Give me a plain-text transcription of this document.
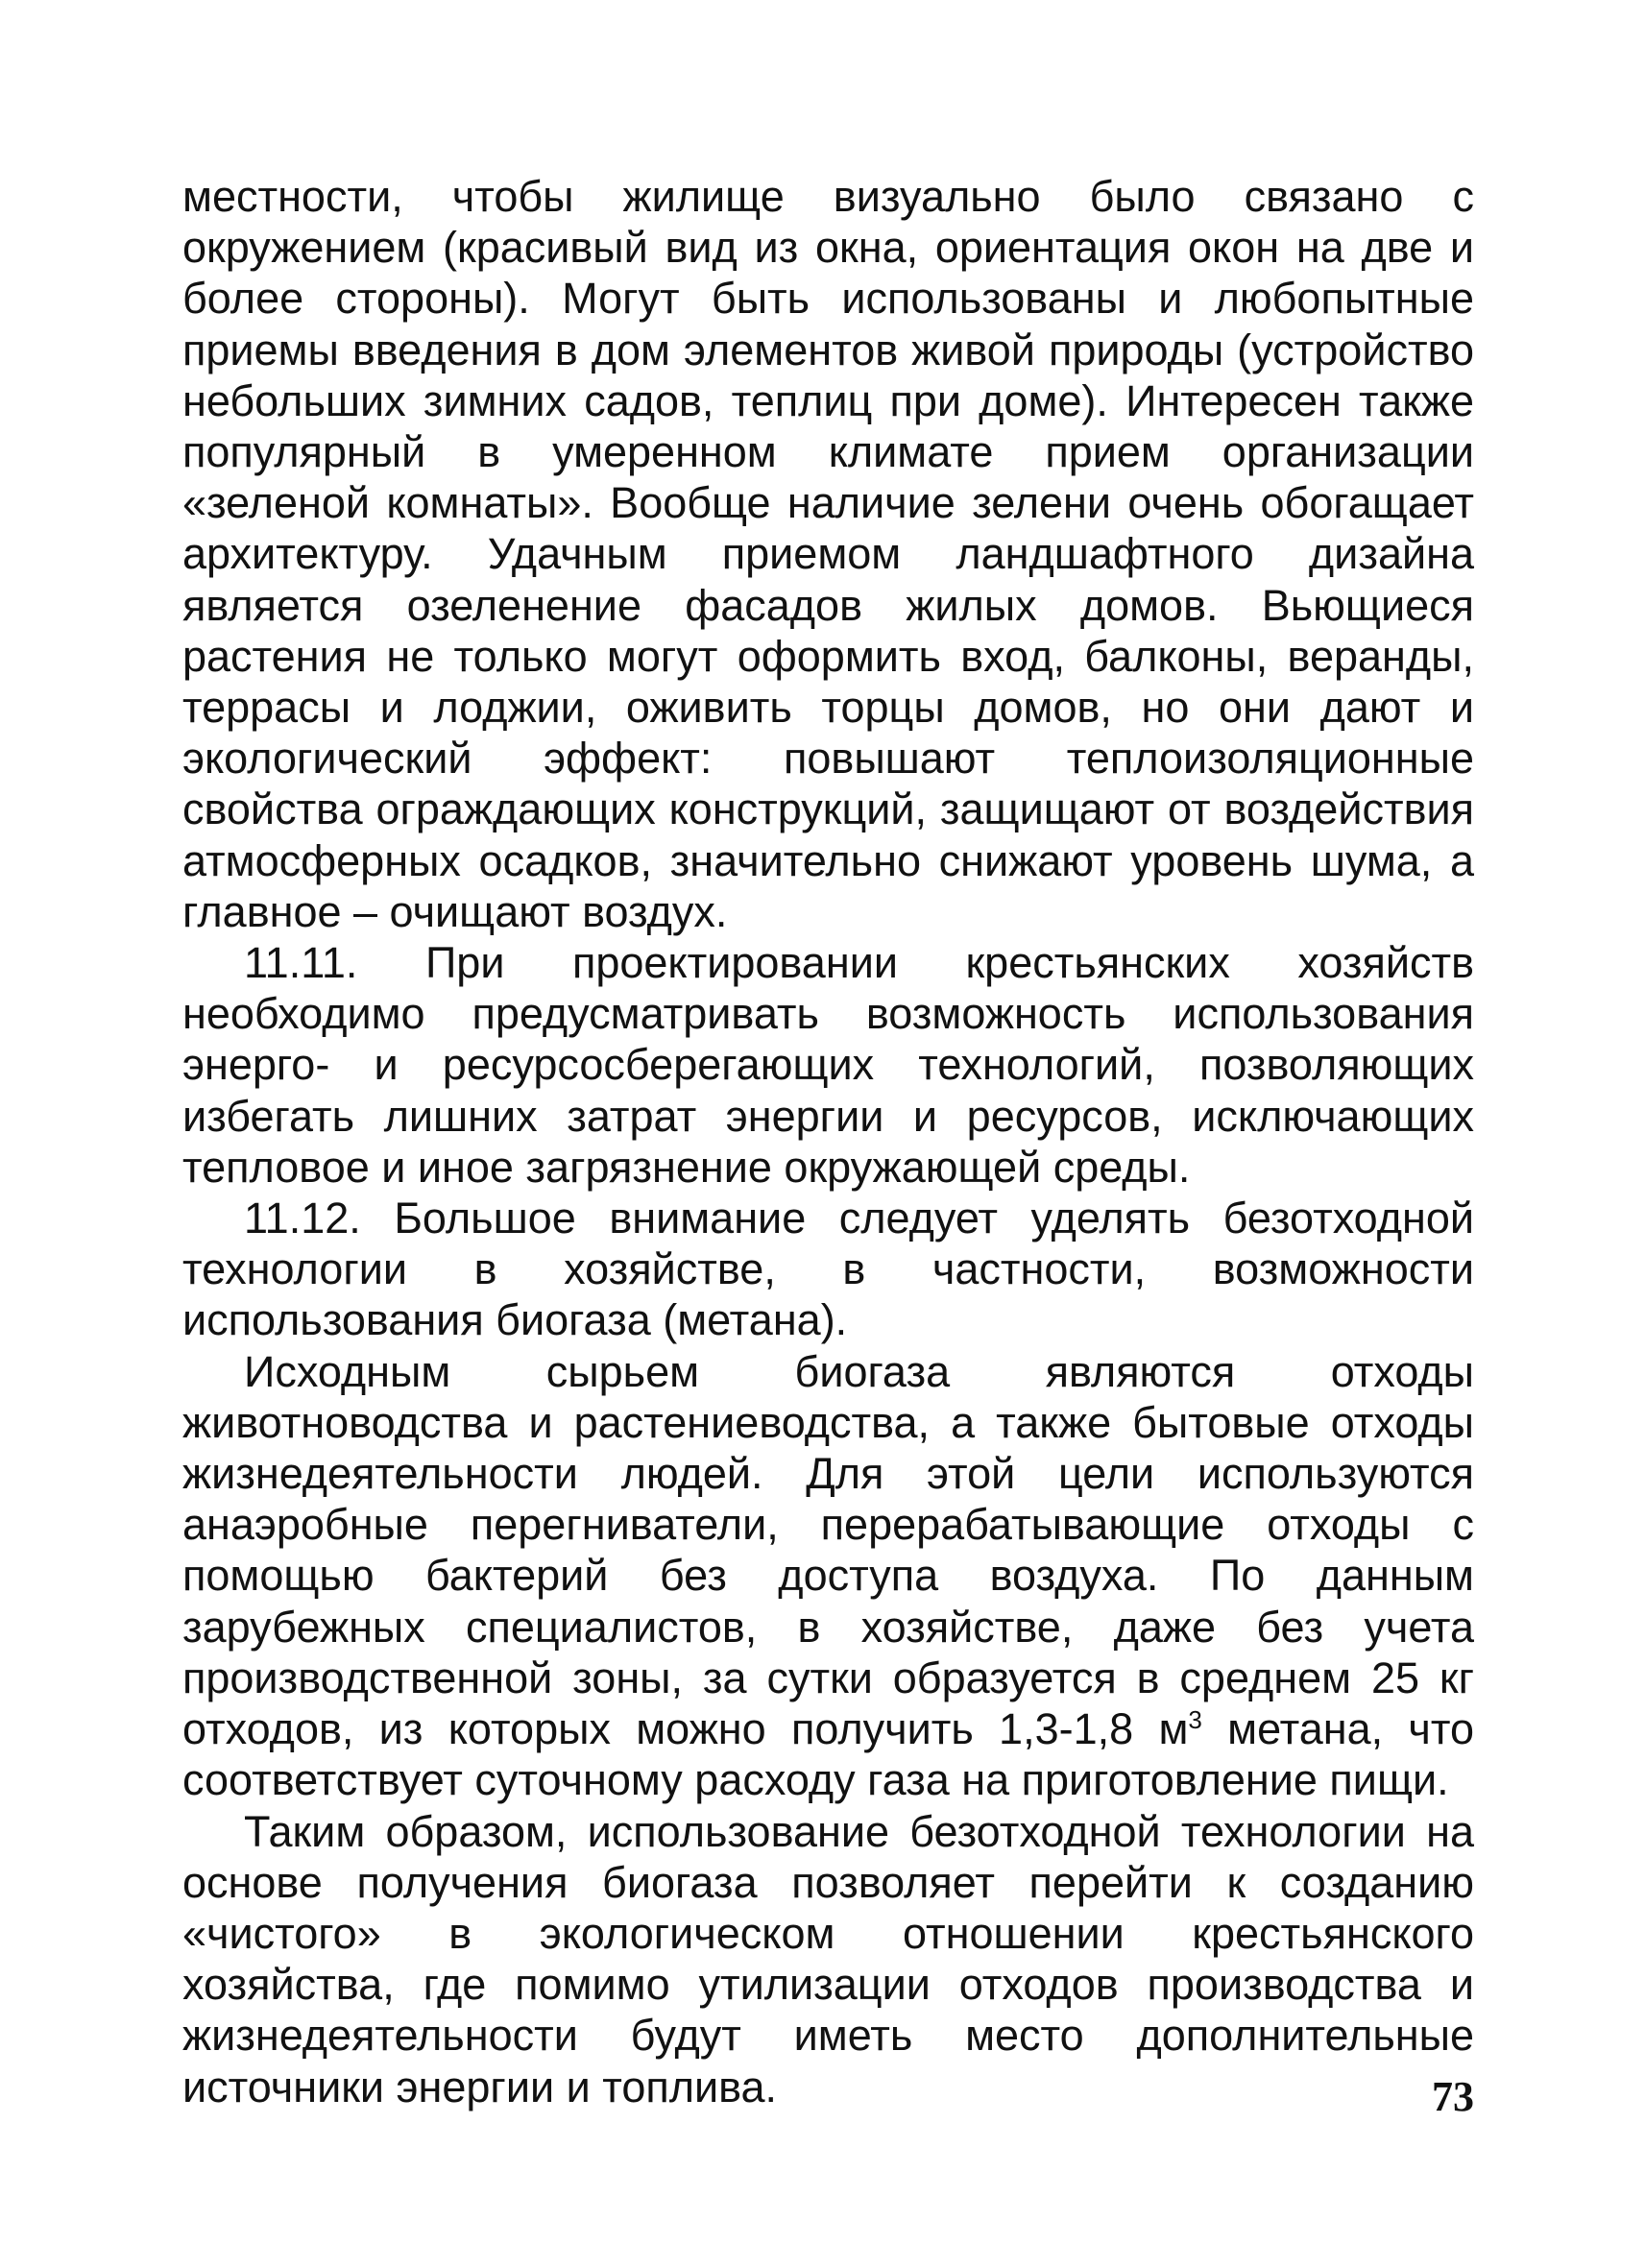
местности, чтобы жилище визуально было связано с окружением (красивый вид из окна, ориентация окон на две и более стороны). Могут быть использованы и любопытные приемы введения в дом элементов живой природы (устройство небольших зимних садов, теплиц при доме). Интересен также популярный в умеренном климате прием организации «зеленой комнаты». Вообще наличие зелени очень обогащает архитектуру. Удачным приемом ландшафтного дизайна является озеленение фасадов жилых домов. Вьющиеся растения не только могут оформить вход, балконы, веранды, террасы и лоджии, оживить торцы домов, но они дают и экологический эффект: повышают теплоизоляционные свойства ограждающих конструкций, защищают от воздействия атмосферных осадков, значительно снижают уровень шума, а главное – очищают воздух.

11.11. При проектировании крестьянских хозяйств необходимо предусматривать возможность использования энерго- и ресурсосберегающих технологий, позволяющих избегать лишних затрат энергии и ресурсов, исключающих тепловое и иное загрязнение окружающей среды.

11.12. Большое внимание следует уделять безотходной технологии в хозяйстве, в частности, возможности использования биогаза (метана).

Исходным сырьем биогаза являются отходы животноводства и растениеводства, а также бытовые отходы жизнедеятельности людей. Для этой цели используются анаэробные перегниватели, перерабатывающие отходы с помощью бактерий без доступа воздуха. По данным зарубежных специалистов, в хозяйстве, даже без учета производственной зоны, за сутки образуется в среднем 25 кг отходов, из которых можно получить 1,3-1,8 $м^3$ метана, что соответствует суточному расходу газа на приготовление пищи.

Таким образом, использование безотходной технологии на основе получения биогаза позволяет перейти к созданию «чистого» в экологическом отношении крестьянского хозяйства, где помимо утилизации отходов производства и жизнедеятельности будут иметь место дополнительные источники энергии и топлива.	73
